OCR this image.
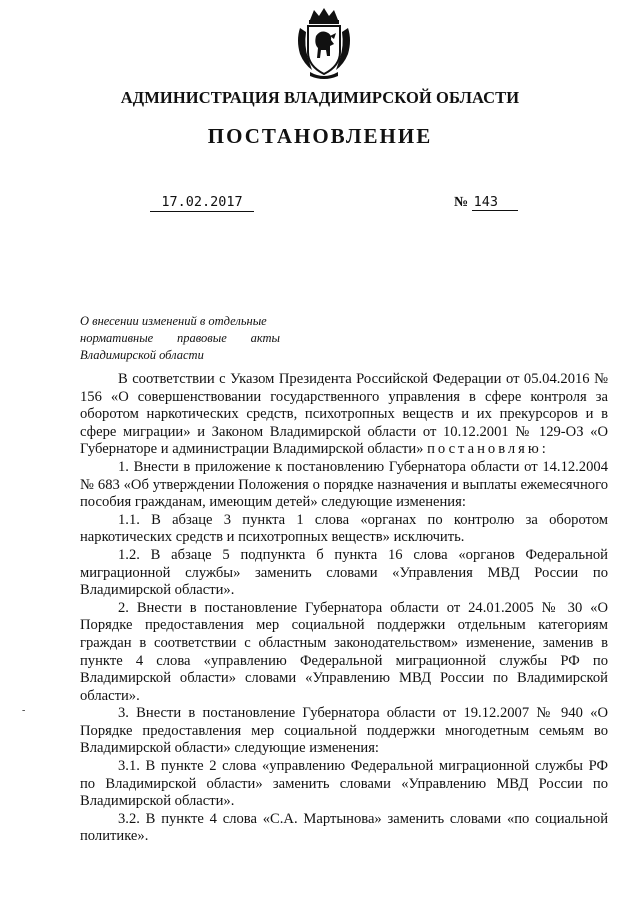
АДМИНИСТРАЦИЯ ВЛАДИМИРСКОЙ ОБЛАСТИ
ПОСТАНОВЛЕНИЕ
17.02.2017	№ 143
О внесении изменений в отдельные
нормативные правовые акты
Владимирской области
-

В соответствии с Указом Президента Российской Федерации от 05.04.2016 № 156 «О совершенствовании государственного управления в сфере контроля за оборотом наркотических средств, психотропных веществ и их прекурсоров и в сфере миграции» и Законом Владимирской области от 10.12.2001 № 129-ОЗ «О Губернаторе и администрации Владимирской области» постановляю:

1. Внести в приложение к постановлению Губернатора области от 14.12.2004 № 683 «Об утверждении Положения о порядке назначения и выплаты ежемесячного пособия гражданам, имеющим детей» следующие изменения:

1.1. В абзаце 3 пункта 1 слова «органах по контролю за оборотом наркотических средств и психотропных веществ» исключить.

1.2. В абзаце 5 подпункта б пункта 16 слова «органов Федеральной миграционной службы» заменить словами «Управления МВД России по Владимирской области».

2. Внести в постановление Губернатора области от 24.01.2005 № 30 «О Порядке предоставления мер социальной поддержки отдельным категориям граждан в соответствии с областным законодательством» изменение, заменив в пункте 4 слова «управлению Федеральной миграционной службы РФ по Владимирской области» словами «Управлению МВД России по Владимирской области».

3. Внести в постановление Губернатора области от 19.12.2007 № 940 «О Порядке предоставления мер социальной поддержки многодетным семьям во Владимирской области» следующие изменения:

3.1. В пункте 2 слова «управлению Федеральной миграционной службы РФ по Владимирской области» заменить словами «Управлению МВД России по Владимирской области».

3.2. В пункте 4 слова «С.А. Мартынова» заменить словами «по социальной политике».
